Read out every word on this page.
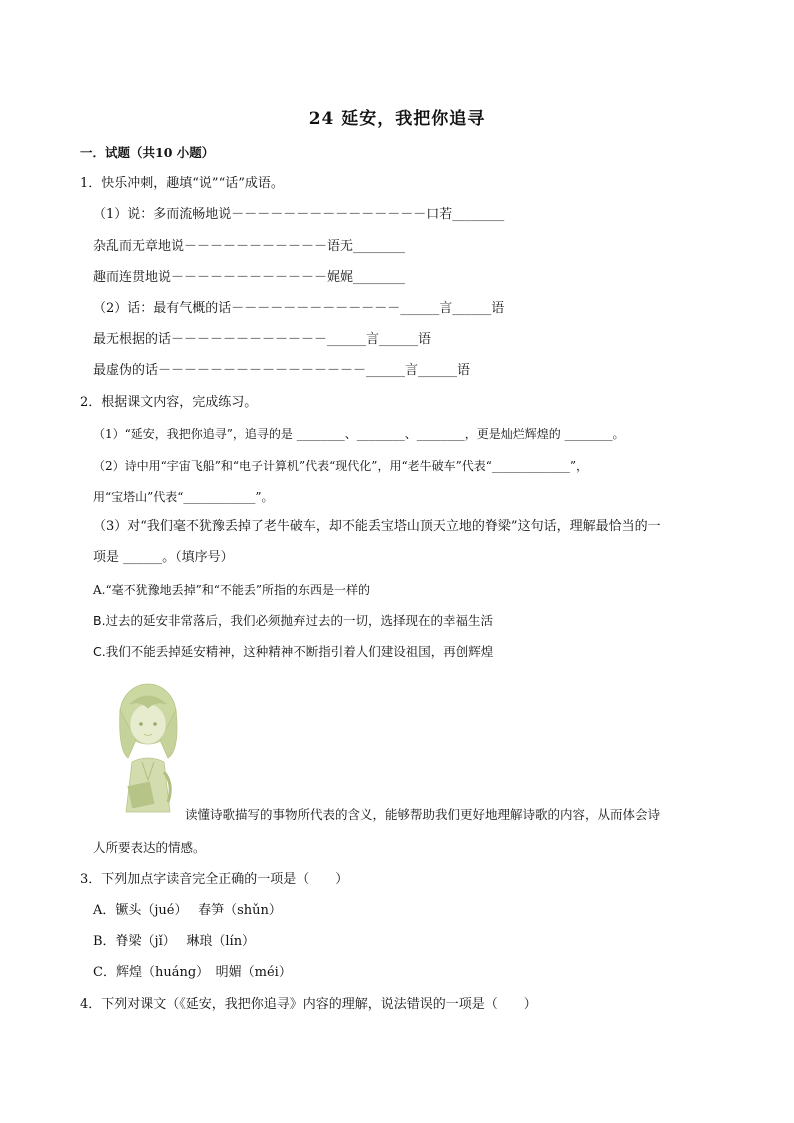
24 延安，我把你追寻
一．试题（共10 小题）
1．快乐冲刺，趣填“说”“话”成语。
（1）说：多而流畅地说－－－－－－－－－－－－－－－口若________
杂乱而无章地说－－－－－－－－－－－语无________
趣而连贯地说－－－－－－－－－－－－娓娓________
（2）话：最有气概的话－－－－－－－－－－－－－______言______语
最无根据的话－－－－－－－－－－－－______言______语
最虚伪的话－－－－－－－－－－－－－－－－______言______语
2．根据课文内容，完成练习。
（1）“延安，我把你追寻”，追寻的是 ________、________、________，更是灿烂辉煌的 ________。
（2）诗中用“宇宙飞船”和“电子计算机”代表“现代化”，用“老牛破车”代表“_____________”，
用“宝塔山”代表“____________”。
（3）对“我们毫不犹豫丢掉了老牛破车，却不能丢宝塔山顶天立地的脊梁”这句话，理解最恰当的一
项是 ______。（填序号）
A.“毫不犹豫地丢掉”和“不能丢”所指的东西是一样的
B.过去的延安非常落后，我们必须抛弃过去的一切，选择现在的幸福生活
C.我们不能丢掉延安精神，这种精神不断指引着人们建设祖国，再创辉煌
读懂诗歌描写的事物所代表的含义，能够帮助我们更好地理解诗歌的内容，从而体会诗
人所要表达的情感。
3．下列加点字读音完全正确的一项是（　　）
A．镢头（jué）　 春笋（shǔn）
B．脊梁（jǐ）　 琳琅（lín）
C．辉煌（huáng）　明媚（méi）
4．下列对课文（《延安，我把你追寻》内容的理解，说法错误的一项是（　　）
